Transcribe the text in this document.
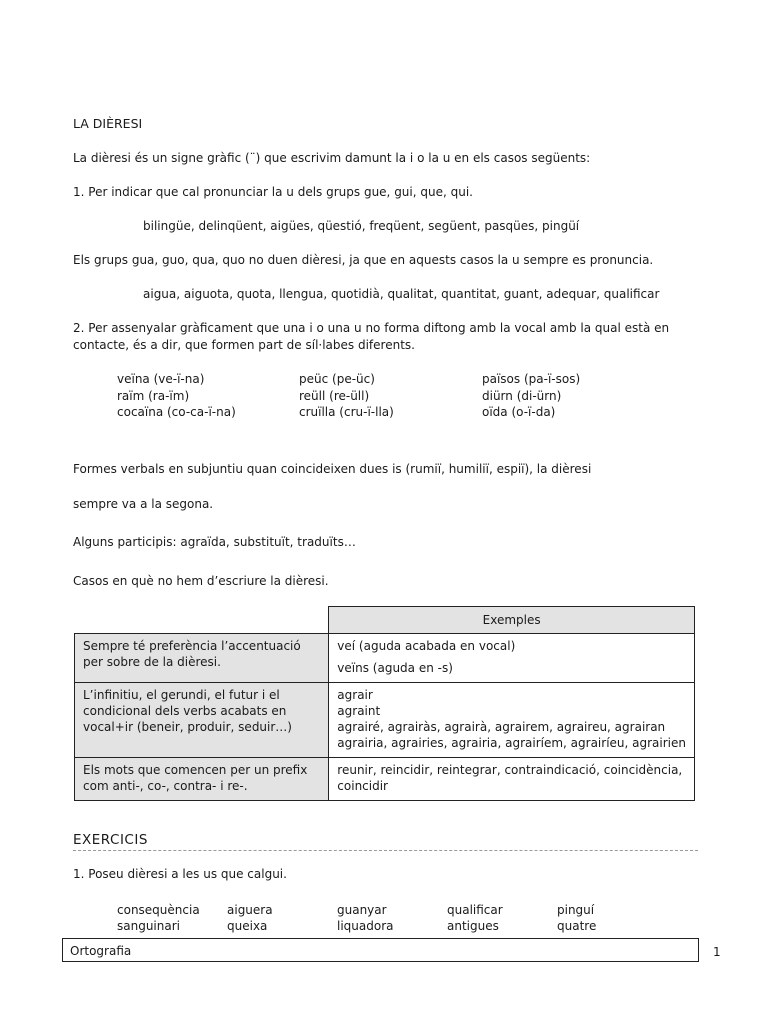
LA DIÈRESI
La dièresi és un signe gràfic (¨) que escrivim damunt la i o la u en els casos següents:
1. Per indicar que cal pronunciar la u dels grups gue, gui, que, qui.
bilingüe, delinqüent, aigües, qüestió, freqüent, següent, pasqües, pingüí
Els grups gua, guo, qua, quo no duen dièresi, ja que en aquests casos la u sempre es pronuncia.
aigua, aiguota, quota, llengua, quotidià, qualitat, quantitat, guant, adequar, qualificar
2. Per assenyalar gràficament que una i o una u no forma diftong amb la vocal amb la qual està en
contacte, és a dir, que formen part de síl·labes diferents.
veïna (ve-ï-na)	peüc (pe-üc)	països (pa-ï-sos)
raïm (ra-ïm)	reüll (re-üll)	diürn (di-ürn)
cocaïna (co-ca-ï-na)	cruïlla (cru-ï-lla)	oïda (o-ï-da)
Formes verbals en subjuntiu quan coincideixen dues is (rumiï, humiliï, espiï), la dièresi
sempre va a la segona.
Alguns participis: agraïda, substituït, traduïts…
Casos en què no hem d’escriure la dièresi.
	Exemples
Sempre té preferència l’accentuació per sobre de la dièresi.	veí (aguda acabada en vocal)
veïns (aguda en -s)

L’infinitiu, el gerundi, el futur i el condicional dels verbs acabats en vocal+ir (beneir, produir, seduir…)	agrair
agraint
agrairé, agrairàs, agrairà, agrairem, agraireu, agrairan
agrairia, agrairies, agrairia, agrairíem, agrairíeu, agrairien

Els mots que comencen per un prefix com anti-, co-, contra- i re-.	reunir, reincidir, reintegrar, contraindicació, coincidència,
coincidir
EXERCICIS
1. Poseu dièresi a les us que calgui.
consequència	aiguera	guanyar	qualificar	pinguí
sanguinari	queixa	liquadora	antigues	quatre
Ortografia	1
